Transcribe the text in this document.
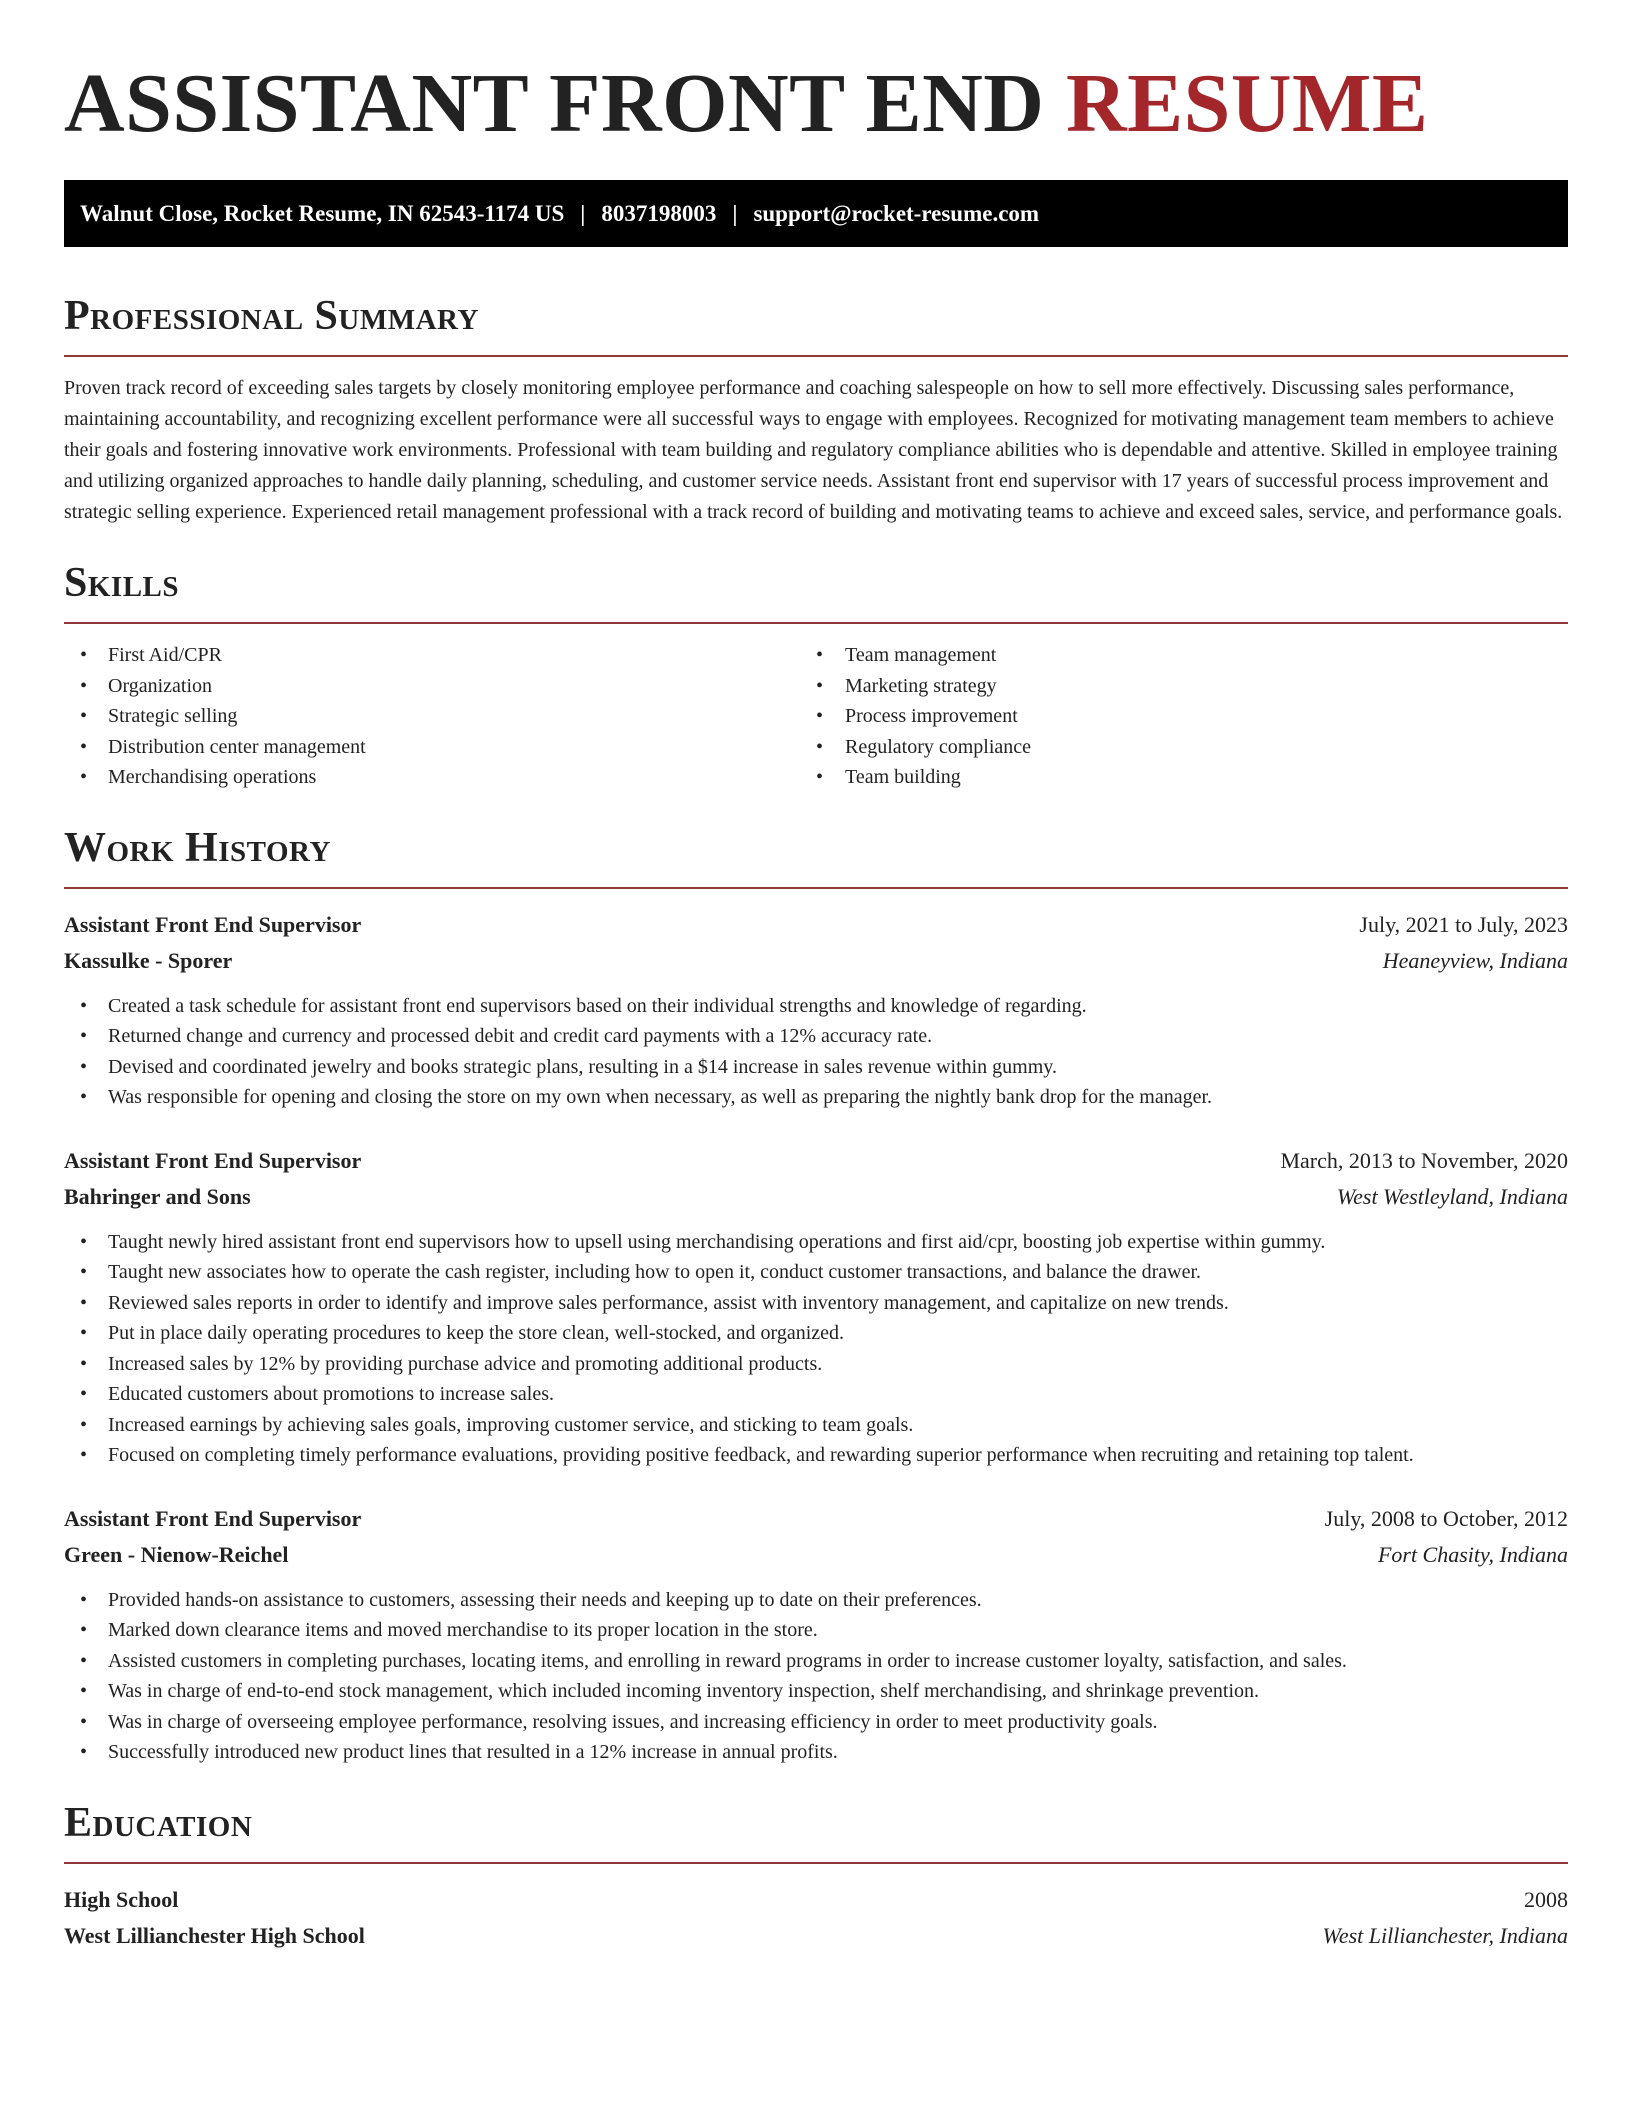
ASSISTANT FRONT END RESUME
Walnut Close, Rocket Resume, IN 62543-1174 US | 8037198003 | support@rocket-resume.com
Professional Summary

Proven track record of exceeding sales targets by closely monitoring employee performance and coaching salespeople on how to sell more effectively. Discussing sales performance, maintaining accountability, and recognizing excellent performance were all successful ways to engage with employees. Recognized for motivating management team members to achieve their goals and fostering innovative work environments. Professional with team building and regulatory compliance abilities who is dependable and attentive. Skilled in employee training and utilizing organized approaches to handle daily planning, scheduling, and customer service needs. Assistant front end supervisor with 17 years of successful process improvement and strategic selling experience. Experienced retail management professional with a track record of building and motivating teams to achieve and exceed sales, service, and performance goals.

Skills
• First Aid/CPR
• Organization
• Strategic selling
• Distribution center management
• Merchandising operations
• Team management
• Marketing strategy
• Process improvement
• Regulatory compliance
• Team building
Work History
Assistant Front End Supervisor	July, 2021 to July, 2023
Kassulke - Sporer	Heaneyview, Indiana
• Created a task schedule for assistant front end supervisors based on their individual strengths and knowledge of regarding.
• Returned change and currency and processed debit and credit card payments with a 12% accuracy rate.
• Devised and coordinated jewelry and books strategic plans, resulting in a $14 increase in sales revenue within gummy.
• Was responsible for opening and closing the store on my own when necessary, as well as preparing the nightly bank drop for the manager.
Assistant Front End Supervisor	March, 2013 to November, 2020
Bahringer and Sons	West Westleyland, Indiana
• Taught newly hired assistant front end supervisors how to upsell using merchandising operations and first aid/cpr, boosting job expertise within gummy.
• Taught new associates how to operate the cash register, including how to open it, conduct customer transactions, and balance the drawer.
• Reviewed sales reports in order to identify and improve sales performance, assist with inventory management, and capitalize on new trends.
• Put in place daily operating procedures to keep the store clean, well-stocked, and organized.
• Increased sales by 12% by providing purchase advice and promoting additional products.
• Educated customers about promotions to increase sales.
• Increased earnings by achieving sales goals, improving customer service, and sticking to team goals.
• Focused on completing timely performance evaluations, providing positive feedback, and rewarding superior performance when recruiting and retaining top talent.
Assistant Front End Supervisor	July, 2008 to October, 2012
Green - Nienow-Reichel	Fort Chasity, Indiana
• Provided hands-on assistance to customers, assessing their needs and keeping up to date on their preferences.
• Marked down clearance items and moved merchandise to its proper location in the store.
• Assisted customers in completing purchases, locating items, and enrolling in reward programs in order to increase customer loyalty, satisfaction, and sales.
• Was in charge of end-to-end stock management, which included incoming inventory inspection, shelf merchandising, and shrinkage prevention.
• Was in charge of overseeing employee performance, resolving issues, and increasing efficiency in order to meet productivity goals.
• Successfully introduced new product lines that resulted in a 12% increase in annual profits.
Education
High School	2008
West Lillianchester High School	West Lillianchester, Indiana
